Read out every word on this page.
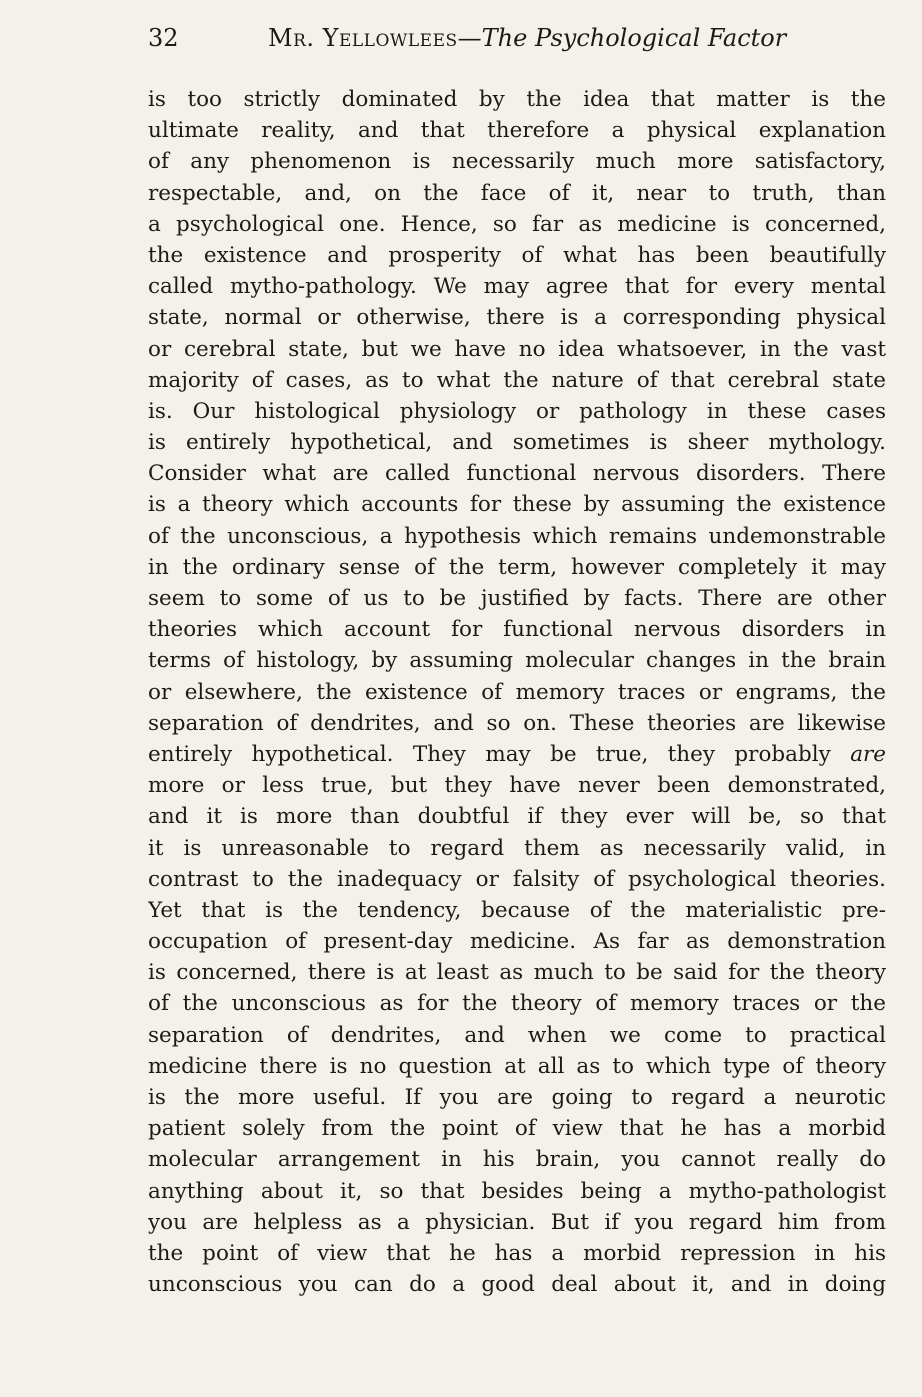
32	Mr. Yellowlees—The Psychological Factor
is too strictly dominated by the idea that matter is the
ultimate reality, and that therefore a physical explanation
of any phenomenon is necessarily much more satisfactory,
respectable, and, on the face of it, near to truth, than
a psychological one. Hence, so far as medicine is concerned,
the existence and prosperity of what has been beautifully
called mytho-pathology. We may agree that for every mental
state, normal or otherwise, there is a corresponding physical
or cerebral state, but we have no idea whatsoever, in the vast
majority of cases, as to what the nature of that cerebral state
is. Our histological physiology or pathology in these cases
is entirely hypothetical, and sometimes is sheer mythology.
Consider what are called functional nervous disorders. There
is a theory which accounts for these by assuming the existence
of the unconscious, a hypothesis which remains undemonstrable
in the ordinary sense of the term, however completely it may
seem to some of us to be justified by facts. There are other
theories which account for functional nervous disorders in
terms of histology, by assuming molecular changes in the brain
or elsewhere, the existence of memory traces or engrams, the
separation of dendrites, and so on. These theories are likewise
entirely hypothetical. They may be true, they probably are
more or less true, but they have never been demonstrated,
and it is more than doubtful if they ever will be, so that
it is unreasonable to regard them as necessarily valid, in
contrast to the inadequacy or falsity of psychological theories.
Yet that is the tendency, because of the materialistic pre-
occupation of present-day medicine. As far as demonstration
is concerned, there is at least as much to be said for the theory
of the unconscious as for the theory of memory traces or the
separation of dendrites, and when we come to practical
medicine there is no question at all as to which type of theory
is the more useful. If you are going to regard a neurotic
patient solely from the point of view that he has a morbid
molecular arrangement in his brain, you cannot really do
anything about it, so that besides being a mytho-pathologist
you are helpless as a physician. But if you regard him from
the point of view that he has a morbid repression in his
unconscious you can do a good deal about it, and in doing
